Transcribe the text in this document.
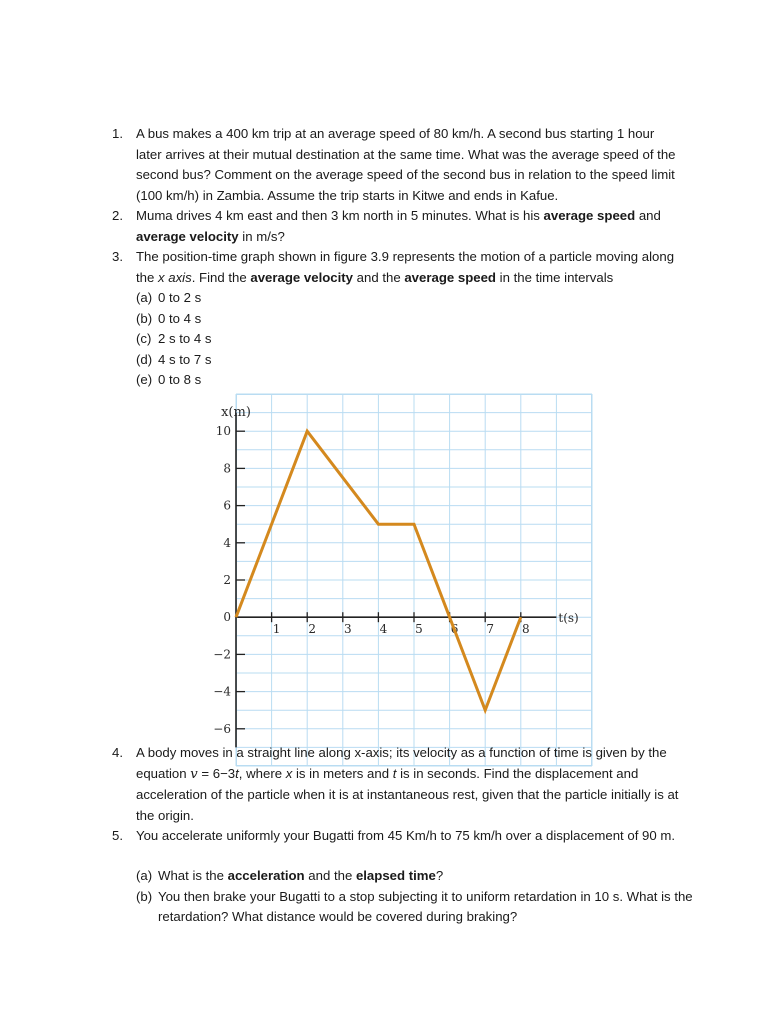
1. A bus makes a 400 km trip at an average speed of 80 km/h. A second bus starting 1 hour later arrives at their mutual destination at the same time. What was the average speed of the second bus? Comment on the average speed of the second bus in relation to the speed limit (100 km/h) in Zambia. Assume the trip starts in Kitwe and ends in Kafue.
2. Muma drives 4 km east and then 3 km north in 5 minutes. What is his average speed and average velocity in m/s?
3. The position-time graph shown in figure 3.9 represents the motion of a particle moving along the x axis. Find the average velocity and the average speed in the time intervals
(a) 0 to 2 s
(b) 0 to 4 s
(c) 2 s to 4 s
(d) 4 s to 7 s
(e) 0 to 8 s
10
8
6
4
2
0
−2
−4
−6
1 2 3 4 5 6 7 8
x(m)
t(s)
4. A body moves in a straight line along x-axis; its velocity as a function of time is given by the equation v = 6−3t, where x is in meters and t is in seconds. Find the displacement and acceleration of the particle when it is at instantaneous rest, given that the particle initially is at the origin.
5. You accelerate uniformly your Bugatti from 45 Km/h to 75 km/h over a displacement of 90 m.
(a) What is the acceleration and the elapsed time?
(b) You then brake your Bugatti to a stop subjecting it to uniform retardation in 10 s. What is the retardation? What distance would be covered during braking?
